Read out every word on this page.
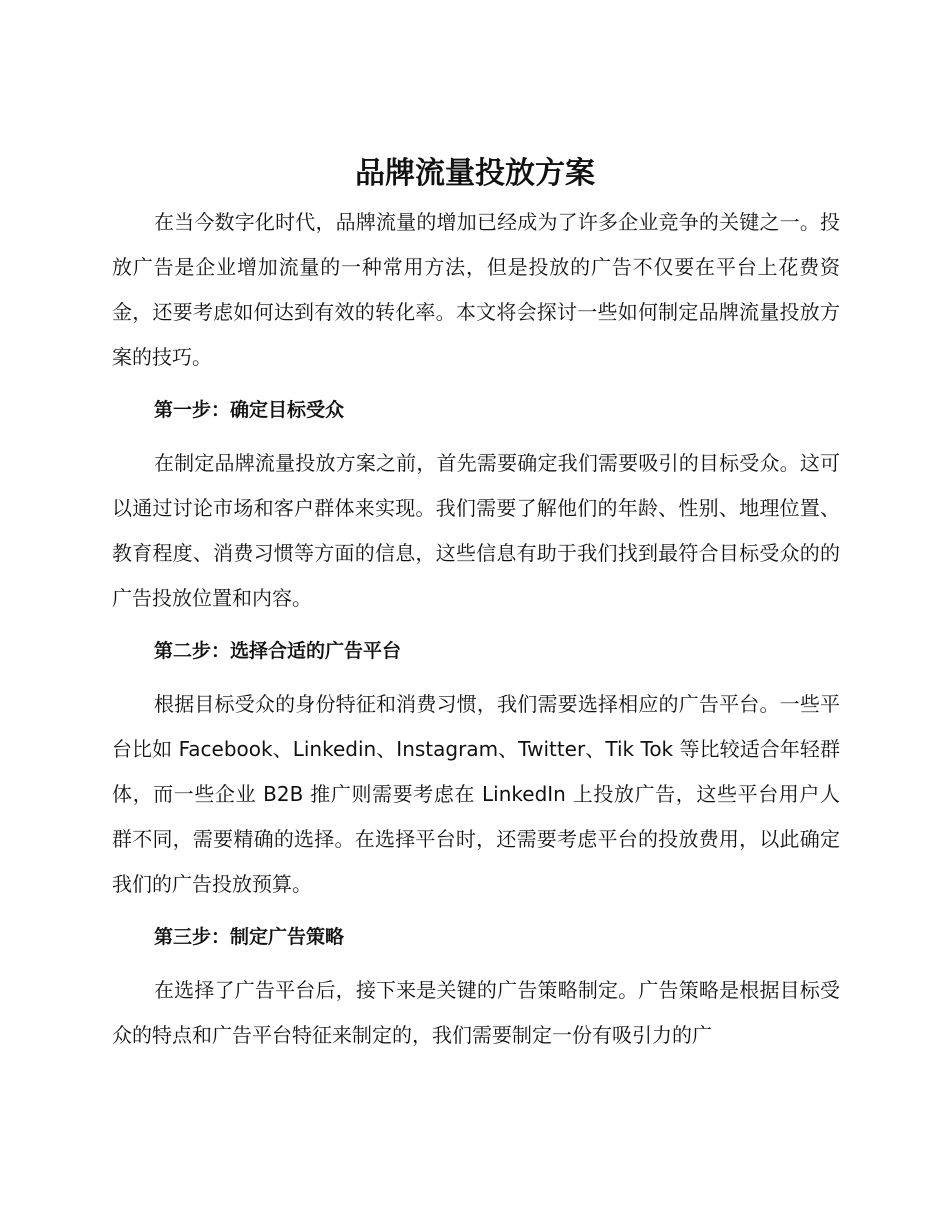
品牌流量投放方案

在当今数字化时代，品牌流量的增加已经成为了许多企业竞争的关键之一。投放广告是企业增加流量的一种常用方法，但是投放的广告不仅要在平台上花费资金，还要考虑如何达到有效的转化率。本文将会探讨一些如何制定品牌流量投放方案的技巧。

第一步：确定目标受众

在制定品牌流量投放方案之前，首先需要确定我们需要吸引的目标受众。这可以通过讨论市场和客户群体来实现。我们需要了解他们的年龄、性别、地理位置、教育程度、消费习惯等方面的信息，这些信息有助于我们找到最符合目标受众的的广告投放位置和内容。

第二步：选择合适的广告平台

根据目标受众的身份特征和消费习惯，我们需要选择相应的广告平台。一些平台比如 Facebook、Linkedin、Instagram、Twitter、Tik Tok 等比较适合年轻群体，而一些企业 B2B 推广则需要考虑在 LinkedIn 上投放广告，这些平台用户人群不同，需要精确的选择。在选择平台时，还需要考虑平台的投放费用，以此确定我们的广告投放预算。

第三步：制定广告策略

在选择了广告平台后，接下来是关键的广告策略制定。广告策略是根据目标受众的特点和广告平台特征来制定的，我们需要制定一份有吸引力的广
